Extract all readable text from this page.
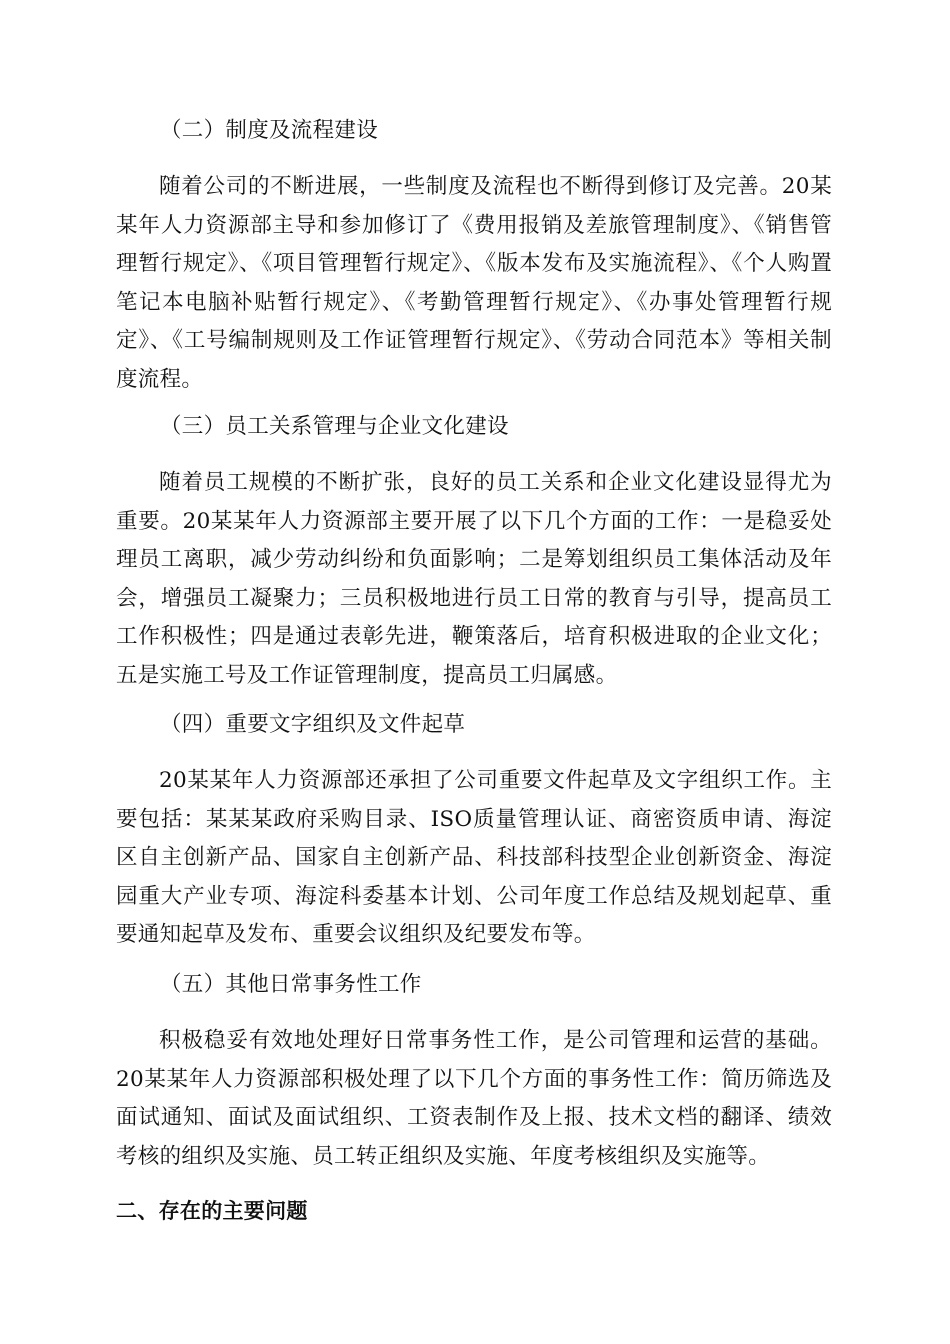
（二）制度及流程建设

随着公司的不断进展，一些制度及流程也不断得到修订及完善。20某某年人力资源部主导和参加修订了《费用报销及差旅管理制度》、《销售管理暂行规定》、《项目管理暂行规定》、《版本发布及实施流程》、《个人购置笔记本电脑补贴暂行规定》、《考勤管理暂行规定》、《办事处管理暂行规定》、《工号编制规则及工作证管理暂行规定》、《劳动合同范本》等相关制度流程。

（三）员工关系管理与企业文化建设

随着员工规模的不断扩张，良好的员工关系和企业文化建设显得尤为重要。20某某年人力资源部主要开展了以下几个方面的工作：一是稳妥处理员工离职，减少劳动纠纷和负面影响；二是筹划组织员工集体活动及年会，增强员工凝聚力；三员积极地进行员工日常的教育与引导，提高员工工作积极性；四是通过表彰先进，鞭策落后，培育积极进取的企业文化；五是实施工号及工作证管理制度，提高员工归属感。

（四）重要文字组织及文件起草

20某某年人力资源部还承担了公司重要文件起草及文字组织工作。主要包括：某某某政府采购目录、ISO质量管理认证、商密资质申请、海淀区自主创新产品、国家自主创新产品、科技部科技型企业创新资金、海淀园重大产业专项、海淀科委基本计划、公司年度工作总结及规划起草、重要通知起草及发布、重要会议组织及纪要发布等。

（五）其他日常事务性工作

积极稳妥有效地处理好日常事务性工作，是公司管理和运营的基础。20某某年人力资源部积极处理了以下几个方面的事务性工作：简历筛选及面试通知、面试及面试组织、工资表制作及上报、技术文档的翻译、绩效考核的组织及实施、员工转正组织及实施、年度考核组织及实施等。

二、存在的主要问题
